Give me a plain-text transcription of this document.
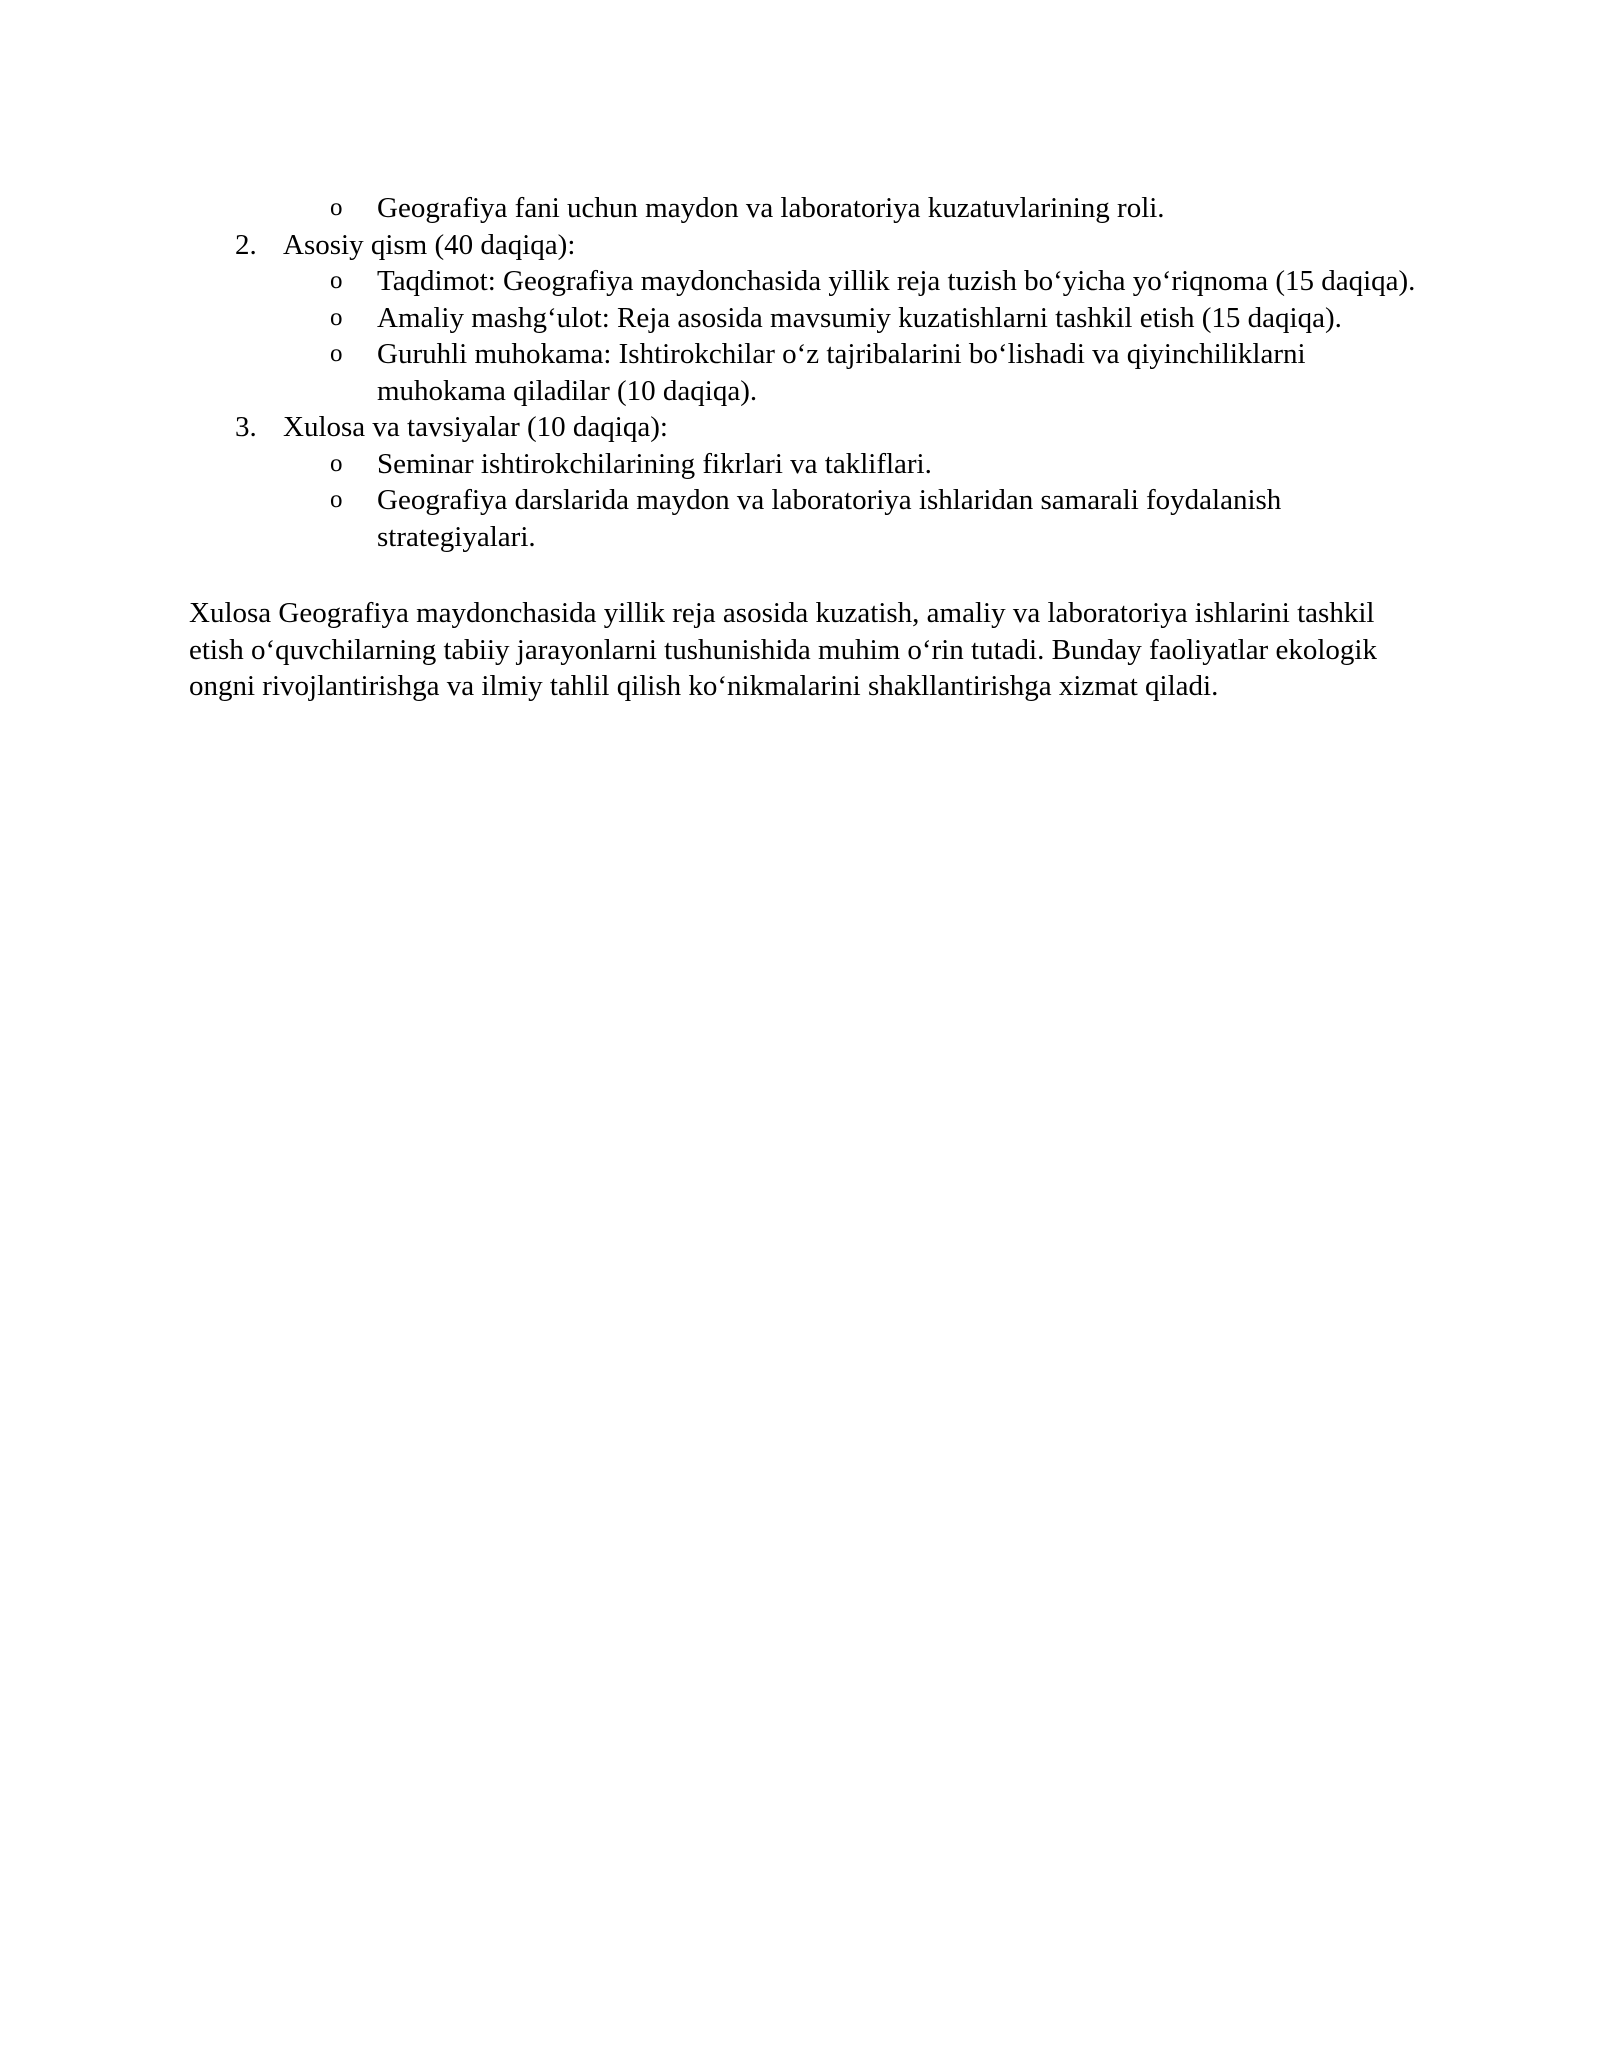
o Geografiya fani uchun maydon va laboratoriya kuzatuvlarining roli.
2. Asosiy qism (40 daqiqa):
o Taqdimot: Geografiya maydonchasida yillik reja tuzish bo‘yicha yo‘riqnoma (15 daqiqa).
o Amaliy mashg‘ulot: Reja asosida mavsumiy kuzatishlarni tashkil etish (15 daqiqa).
o Guruhli muhokama: Ishtirokchilar o‘z tajribalarini bo‘lishadi va qiyinchiliklarni muhokama qiladilar (10 daqiqa).
3. Xulosa va tavsiyalar (10 daqiqa):
o Seminar ishtirokchilarining fikrlari va takliflari.
o Geografiya darslarida maydon va laboratoriya ishlaridan samarali foydalanish strategiyalari.

Xulosa Geografiya maydonchasida yillik reja asosida kuzatish, amaliy va laboratoriya ishlarini tashkil etish o‘quvchilarning tabiiy jarayonlarni tushunishida muhim o‘rin tutadi. Bunday faoliyatlar ekologik ongni rivojlantirishga va ilmiy tahlil qilish ko‘nikmalarini shakllantirishga xizmat qiladi.
